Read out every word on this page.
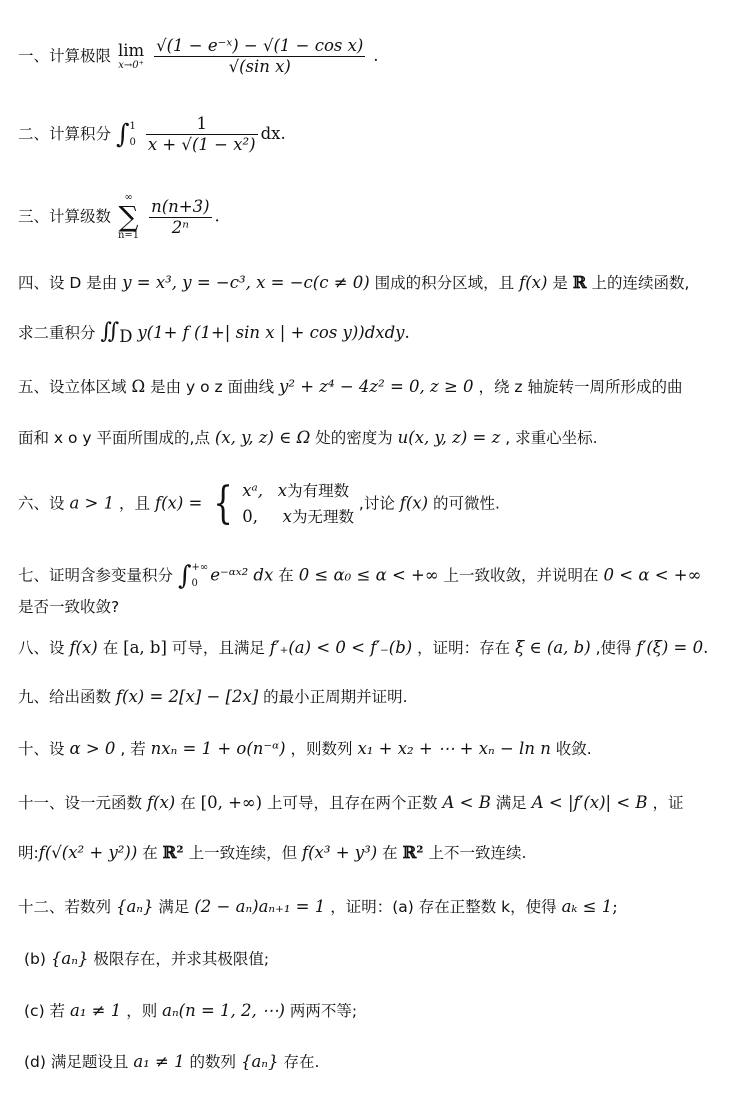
一、计算极限 lim
x→0⁺
$\frac{\text{√(1 − e⁻ˣ) − √(1 − cos x)}}{\text{√(sin x)}}$ .
二、计算积分 ∫ 1
0
$\frac{1}{\text{x + √(1 − x²)}}$ dx.
三、计算级数
∞
∑
n=1
$\frac{n(n+3)}{\text{2ⁿ}}$ .
四、设 D 是由 y = x³, y = −c³, x = −c(c ≠ 0) 围成的积分区域，且 f(x) 是 ℝ 上的连续函数,
求二重积分 $∬_D$ y(1+ f (1+| sin x | + cos y))dxdy.
五、设立体区域 Ω 是由 y o z 面曲线 y² + z⁴ − 4z² = 0, z ≥ 0 ，绕 z 轴旋转一周所形成的曲
面和 x o y 平面所围成的,点 (x, y, z) ∈ Ω 处的密度为 u(x, y, z) = z , 求重心坐标.
六、设 a > 1 ，且 f(x) = { xᵃ, x为有理数
0, x为无理数
,讨论 f(x) 的可微性.
七、证明含参变量积分 ∫ +∞
0 e⁻ᵅˣ² dx 在 0 ≤ α₀ ≤ α < +∞ 上一致收敛，并说明在 0 < α < +∞
是否一致收敛?
八、设 f(x) 在 [a, b] 可导，且满足 f′₊(a) < 0 < f′₋(b) ，证明：存在 ξ ∈ (a, b) ,使得 f′(ξ) = 0.
九、给出函数 f(x) = 2[x] − [2x] 的最小正周期并证明.
十、设 α > 0 , 若 nxₙ = 1 + o(n⁻ᵅ) ，则数列 x₁ + x₂ + ⋯ + xₙ − ln n 收敛.
十一、设一元函数 f(x) 在 [0, +∞) 上可导，且存在两个正数 A < B 满足 A < |f′(x)| < B ，证
明:f(√(x² + y²)) 在 ℝ² 上一致连续，但 f(x³ + y³) 在 ℝ² 上不一致连续.
十二、若数列 {aₙ} 满足 (2 − aₙ)aₙ₊₁ = 1 ，证明：(a) 存在正整数 k，使得 aₖ ≤ 1;
(b) {aₙ} 极限存在，并求其极限值;
(c) 若 a₁ ≠ 1 ，则 aₙ(n = 1, 2, ⋯) 两两不等;
(d) 满足题设且 a₁ ≠ 1 的数列 {aₙ} 存在.
